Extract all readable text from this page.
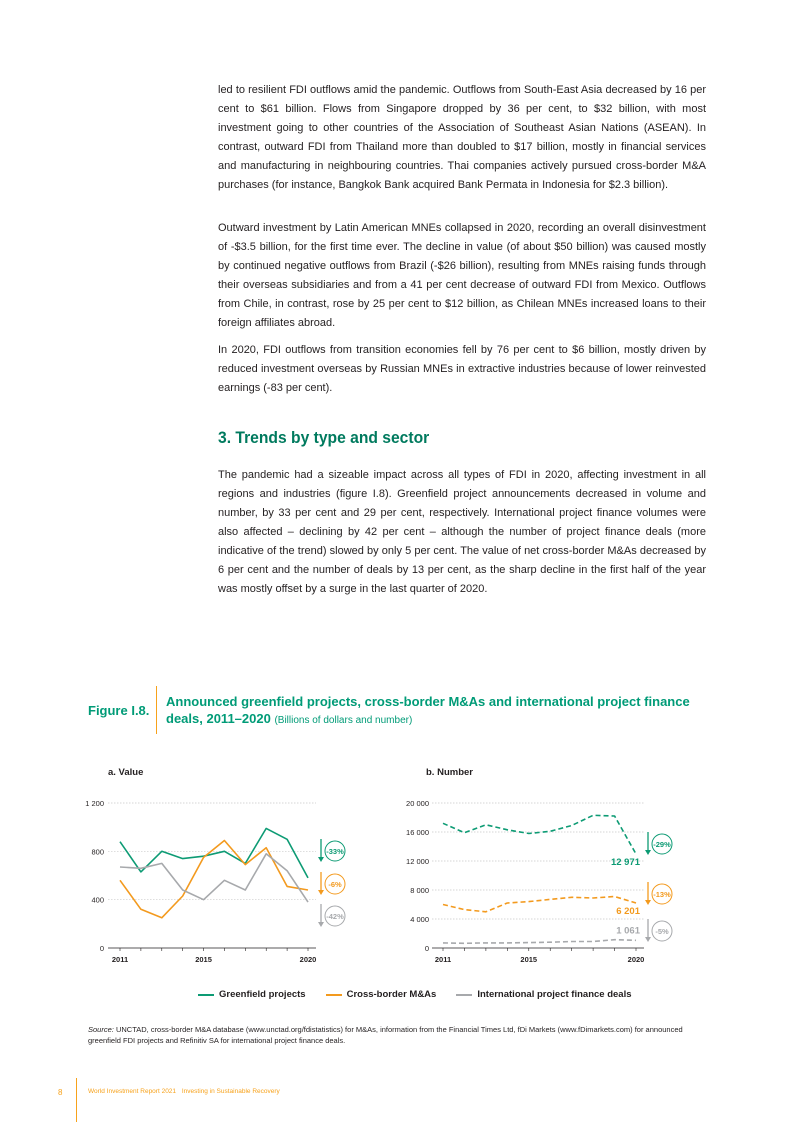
led to resilient FDI outflows amid the pandemic. Outflows from South-East Asia decreased by 16 per cent to $61 billion. Flows from Singapore dropped by 36 per cent, to $32 billion, with most investment going to other countries of the Association of Southeast Asian Nations (ASEAN). In contrast, outward FDI from Thailand more than doubled to $17 billion, mostly in financial services and manufacturing in neighbouring countries. Thai companies actively pursued cross-border M&A purchases (for instance, Bangkok Bank acquired Bank Permata in Indonesia for $2.3 billion).

Outward investment by Latin American MNEs collapsed in 2020, recording an overall disinvestment of -$3.5 billion, for the first time ever. The decline in value (of about $50 billion) was caused mostly by continued negative outflows from Brazil (-$26 billion), resulting from MNEs raising funds through their overseas subsidiaries and from a 41 per cent decrease of outward FDI from Mexico. Outflows from Chile, in contrast, rose by 25 per cent to $12 billion, as Chilean MNEs increased loans to their foreign affiliates abroad.

In 2020, FDI outflows from transition economies fell by 76 per cent to $6 billion, mostly driven by reduced investment overseas by Russian MNEs in extractive industries because of lower reinvested earnings (-83 per cent).

3. Trends by type and sector

The pandemic had a sizeable impact across all types of FDI in 2020, affecting investment in all regions and industries (figure I.8). Greenfield project announcements decreased in volume and number, by 33 per cent and 29 per cent, respectively. International project finance volumes were also affected – declining by 42 per cent – although the number of project finance deals (more indicative of the trend) slowed by only 5 per cent. The value of net cross-border M&As decreased by 6 per cent and the number of deals by 13 per cent, as the sharp decline in the first half of the year was mostly offset by a surge in the last quarter of 2020.

Figure I.8.

Announced greenfield projects, cross-border M&As and international project finance deals, 2011–2020 (Billions of dollars and number)

a. Value	b. Number
0
400
800
1 200
2011	2015	2020
-33%
-6%
-42%
0
4 000
8 000
12 000
16 000
20 000
2011	2015	2020
12 971
6 201
1 061
-29%
-13%
-5%
Greenfield projects	Cross-border M&As	International project finance deals

Source: UNCTAD, cross-border M&A database (www.unctad.org/fdistatistics) for M&As, information from the Financial Times Ltd, fDi Markets (www.fDimarkets.com) for announced greenfield FDI projects and Refinitiv SA for international project finance deals.

8	World Investment Report 2021 Investing in Sustainable Recovery
